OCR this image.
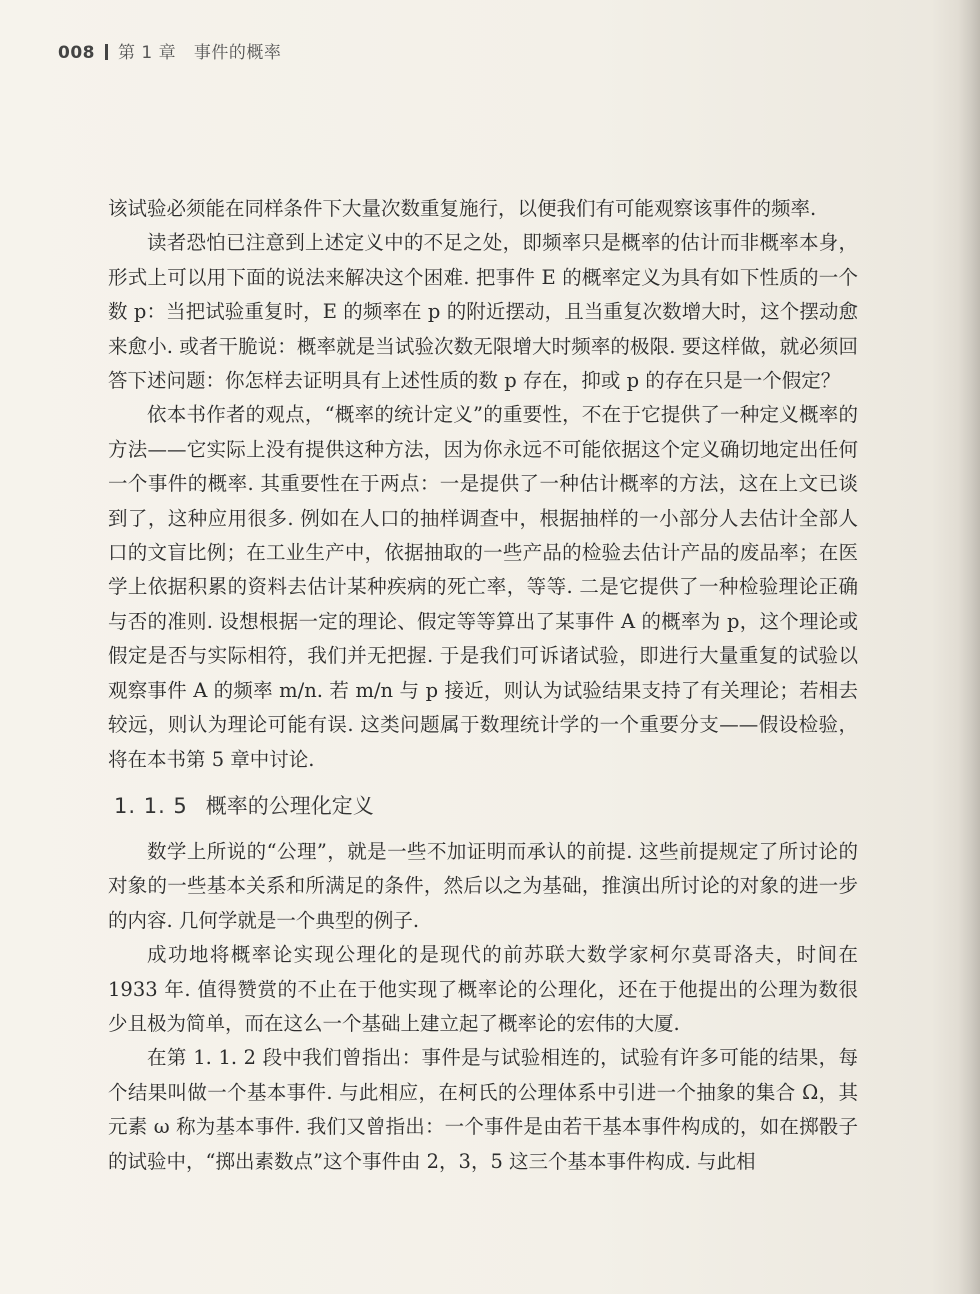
008 第 1 章 事件的概率

该试验必须能在同样条件下大量次数重复施行，以便我们有可能观察该事件的频率.

读者恐怕已注意到上述定义中的不足之处，即频率只是概率的估计而非概率本身，形式上可以用下面的说法来解决这个困难. 把事件 E 的概率定义为具有如下性质的一个数 p：当把试验重复时，E 的频率在 p 的附近摆动，且当重复次数增大时，这个摆动愈来愈小. 或者干脆说：概率就是当试验次数无限增大时频率的极限. 要这样做，就必须回答下述问题：你怎样去证明具有上述性质的数 p 存在，抑或 p 的存在只是一个假定？

依本书作者的观点，“概率的统计定义”的重要性，不在于它提供了一种定义概率的方法——它实际上没有提供这种方法，因为你永远不可能依据这个定义确切地定出任何一个事件的概率. 其重要性在于两点：一是提供了一种估计概率的方法，这在上文已谈到了，这种应用很多. 例如在人口的抽样调查中，根据抽样的一小部分人去估计全部人口的文盲比例；在工业生产中，依据抽取的一些产品的检验去估计产品的废品率；在医学上依据积累的资料去估计某种疾病的死亡率，等等. 二是它提供了一种检验理论正确与否的准则. 设想根据一定的理论、假定等等算出了某事件 A 的概率为 p，这个理论或假定是否与实际相符，我们并无把握. 于是我们可诉诸试验，即进行大量重复的试验以观察事件 A 的频率 m/n. 若 m/n 与 p 接近，则认为试验结果支持了有关理论；若相去较远，则认为理论可能有误. 这类问题属于数理统计学的一个重要分支——假设检验，将在本书第 5 章中讨论.

1. 1. 5 概率的公理化定义

数学上所说的“公理”，就是一些不加证明而承认的前提. 这些前提规定了所讨论的对象的一些基本关系和所满足的条件，然后以之为基础，推演出所讨论的对象的进一步的内容. 几何学就是一个典型的例子.

成功地将概率论实现公理化的是现代的前苏联大数学家柯尔莫哥洛夫，时间在 1933 年. 值得赞赏的不止在于他实现了概率论的公理化，还在于他提出的公理为数很少且极为简单，而在这么一个基础上建立起了概率论的宏伟的大厦.

在第 1. 1. 2 段中我们曾指出：事件是与试验相连的，试验有许多可能的结果，每个结果叫做一个基本事件. 与此相应，在柯氏的公理体系中引进一个抽象的集合 Ω，其元素 ω 称为基本事件. 我们又曾指出：一个事件是由若干基本事件构成的，如在掷骰子的试验中，“掷出素数点”这个事件由 2，3，5 这三个基本事件构成. 与此相
